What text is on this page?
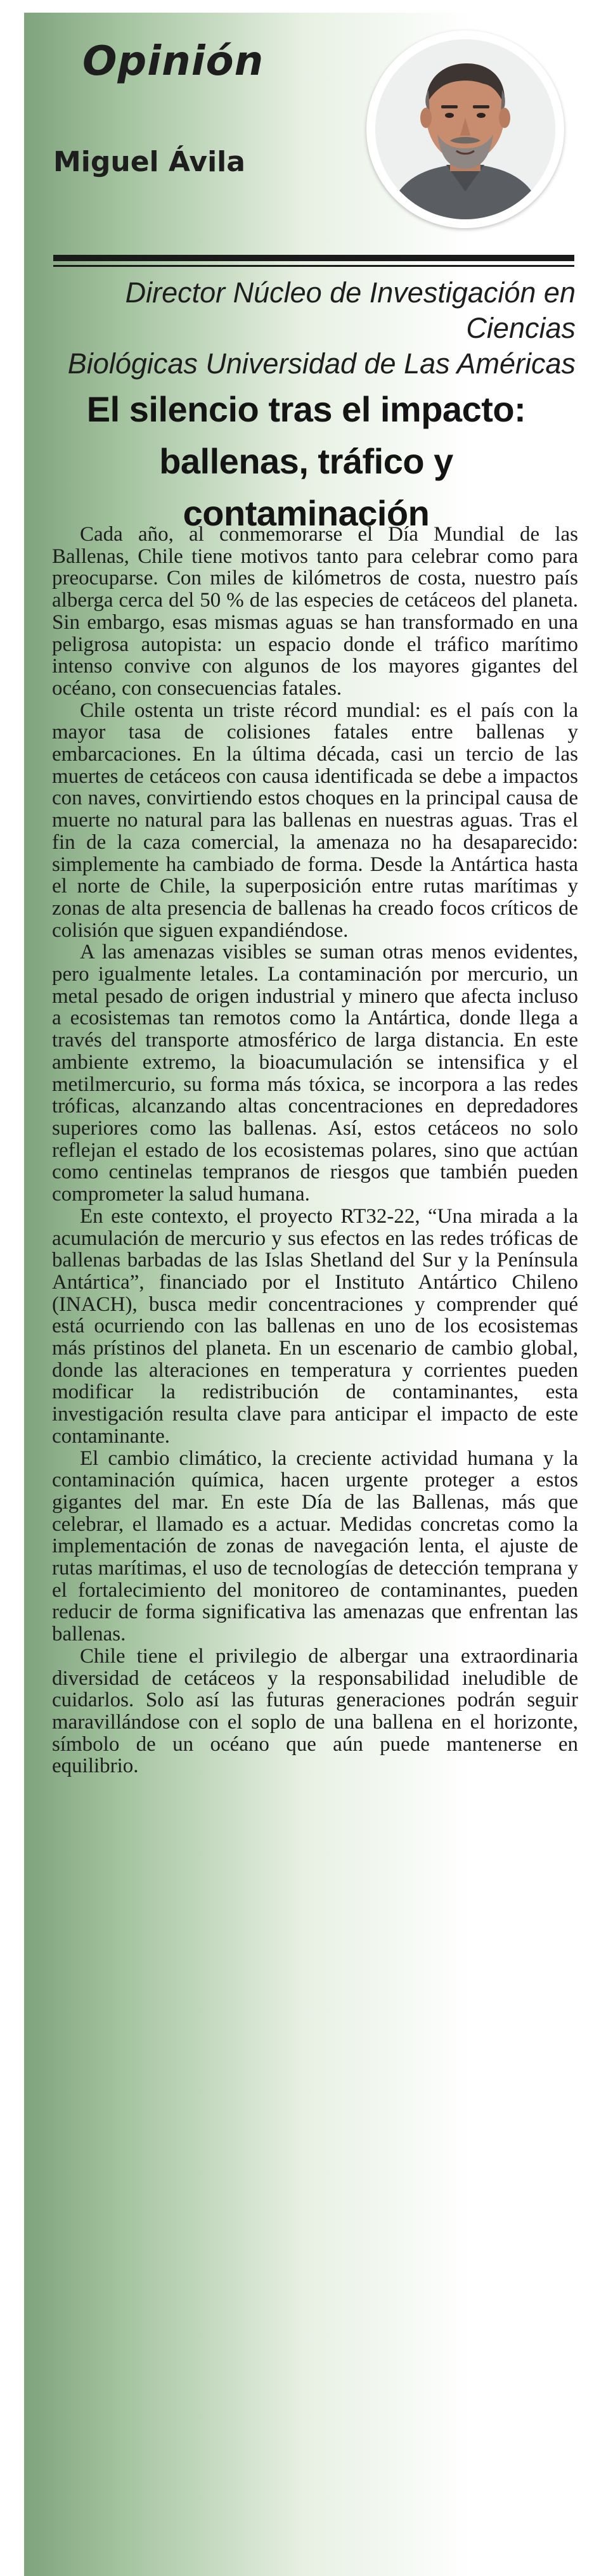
Opinión
Miguel Ávila
Director Núcleo de Investigación en Ciencias
Biológicas Universidad de Las Américas
El silencio tras el impacto:
ballenas, tráfico y contaminación

Cada año, al conmemorarse el Día Mundial de las Ballenas, Chile tiene motivos tanto para celebrar como para preocuparse. Con miles de kilómetros de costa, nuestro país alberga cerca del 50 % de las especies de cetáceos del planeta. Sin embargo, esas mismas aguas se han transformado en una peligrosa autopista: un espacio donde el tráfico marítimo intenso convive con algunos de los mayores gigantes del océano, con consecuencias fatales.

Chile ostenta un triste récord mundial: es el país con la mayor tasa de colisiones fatales entre ballenas y embarcaciones. En la última década, casi un tercio de las muertes de cetáceos con causa identificada se debe a impactos con naves, convirtiendo estos choques en la principal causa de muerte no natural para las ballenas en nuestras aguas. Tras el fin de la caza comercial, la amenaza no ha desaparecido: simplemente ha cambiado de forma. Desde la Antártica hasta el norte de Chile, la superposición entre rutas marítimas y zonas de alta presencia de ballenas ha creado focos críticos de colisión que siguen expandiéndose.

A las amenazas visibles se suman otras menos evidentes, pero igualmente letales. La contaminación por mercurio, un metal pesado de origen industrial y minero que afecta incluso a ecosistemas tan remotos como la Antártica, donde llega a través del transporte atmosférico de larga distancia. En este ambiente extremo, la bioacumulación se intensifica y el metilmercurio, su forma más tóxica, se incorpora a las redes tróficas, alcanzando altas concentraciones en depredadores superiores como las ballenas. Así, estos cetáceos no solo reflejan el estado de los ecosistemas polares, sino que actúan como centinelas tempranos de riesgos que también pueden comprometer la salud humana.

En este contexto, el proyecto RT32-22, “Una mirada a la acumulación de mercurio y sus efectos en las redes tróficas de ballenas barbadas de las Islas Shetland del Sur y la Península Antártica”, financiado por el Instituto Antártico Chileno (INACH), busca medir concentraciones y comprender qué está ocurriendo con las ballenas en uno de los ecosistemas más prístinos del planeta. En un escenario de cambio global, donde las alteraciones en temperatura y corrientes pueden modificar la redistribución de contaminantes, esta investigación resulta clave para anticipar el impacto de este contaminante.

El cambio climático, la creciente actividad humana y la contaminación química, hacen urgente proteger a estos gigantes del mar. En este Día de las Ballenas, más que celebrar, el llamado es a actuar. Medidas concretas como la implementación de zonas de navegación lenta, el ajuste de rutas marítimas, el uso de tecnologías de detección temprana y el fortalecimiento del monitoreo de contaminantes, pueden reducir de forma significativa las amenazas que enfrentan las ballenas.

Chile tiene el privilegio de albergar una extraordinaria diversidad de cetáceos y la responsabilidad ineludible de cuidarlos. Solo así las futuras generaciones podrán seguir maravillándose con el soplo de una ballena en el horizonte, símbolo de un océano que aún puede mantenerse en equilibrio.
